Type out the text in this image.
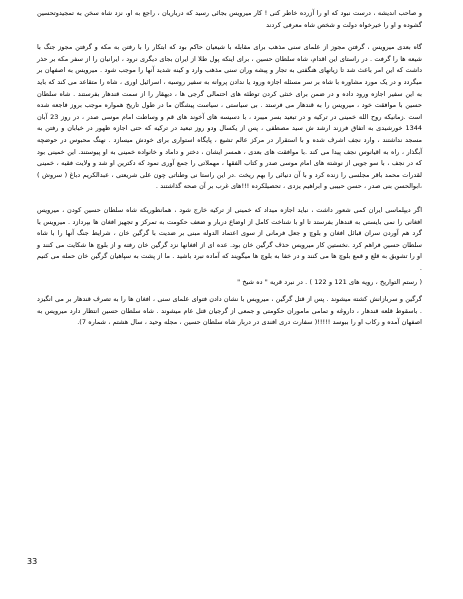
و صاحب اندیشه ، درست نبود که او را آزرده خاطر کنی ! کار میرویس بجائی رسید که درباریان ، راجع به او، نزد شاه سخن به تمجیدوتحسین گشوده و او را خیرخواه دولت و شخص شاه معرفی کردند

گاه بعدی میرویس ، گرفتن مجوز از علمای سنی مذهب برای مقابله با شیعیان حاکم بود که ابتکار را با رفتن به مکه و گرفتن مجوز جنگ با شیعه ها را گرفت . در راستای این اقدام، شاه سلطان حسین ، برای اینکه پول طلا از ایران بجای دیگری نرود ، ایرانیان را از سفر مکه بر حذر داشت که این امر باعث شد تا زیانهای هنگفتی به تجار و پیشه وران سنی مذهب وارد و کینه شدید آنها را موجب شود . میرویس به اصفهان بر میگردد و در یک مورد مشاوره با شاه بر سر مسئله اجازه ورود یا ندادن پروانه به سفیر روسیه ، اسرائیل اوری ، شاه را متقاعد می کند که باید به این سفیر اجازه ورود داده و در ضمن برای خنثی کردن توطئه های احتمالی گرجی ها ، دیهقار را از سمت قندهار بفرستند . شاه سلطان حسین با موافقت خود ، میرویس را به قندهار می فرستد . بی سیاستی ، سیاست پیشگان ما در طول تاریخ همواره موجب بروز فاجعه شده است .زمانیکه روح الله خمینی در ترکیه و در تبعید بسر میبرد ، با دسیسه های آخوند های قم و وساطت امام موسی صدر ، در روز 23 آبان 1344 خورشیدی به اتفاق فرزند ارشد ش سید مصطفی ، پس از یکسال ودو روز تبعید در ترکیه که حتی اجازه ظهور در خیابان و رفتن به مسجد نداشتند ، وارد نجف اشرف شده و با استقرار در مرکز عالم تشیع ، پایگاه استواری برای خودش میسازد . نهنگ محبوس در حوضچه آبگذار ، راه به اقیانوس نجف پیدا می کند .با موافقت های بعدی ، همسر ایشان ، دختر و داماد و خانواده خمینی به او پیوستند. این خمینی بود که در نجف ، با سو جویی از نوشته های امام موسی صدر و کتاب الفقها ، مهملاتی را جمع آوری نمود که دکترین او شد و ولایت فقیه ، خمینی لقدرات محمد باقر مجلسی را زنده کرد و با آن دنیائی را بهم ریخت .در این راستا نی وطناتی چون علی شریعتی ، عبدالکریم دباغ ( سروش ) ،ابوالحسن بنی صدر ، حسن حبیبی و ابراهیم یزدی ، تحصیلکرده !!!های غرب بر آن صحه گذاشتند .

اگر دیپلماسی ایران کمی شعور داشت ، نباید اجازه میداد که خمینی از ترکیه خارج شود ، همانطوریکه شاه سلطان حسین کودن ، میرویس افغانی را نمی بایستی به قندهار بفرستد تا او با شناخت کامل از اوضاع دربار و ضعف حکومت به تمرکز و تجهیز افغان ها بپردازد . میرویس با گرد هم آوردن سران قبائل افغان و بلوچ و جعل فرمانی از سوی اعتماد الدوله مبنی بر ضدیت با گرگین خان ، شرایط جنگ آنها را با شاه سلطان حسین فراهم کرد .نخستین کار میرویس حذف گرگین خان بود. عده ای از افغانها نزد گرگین خان رفته و از بلوچ ها شکایت می کنند و او را تشویق به قلع و قمع بلوچ ها می کنند و در خفا به بلوچ ها میگویند که آماده نبرد باشید . ما از پشت به سپاهیان گرگین خان حمله می کنیم .

( رستم التواریخ ، رویه های 121 و 122 ) . در نبرد قریه " ده شیخ "

گرگین و سربازانش کشته میشوند . پس از قتل گرگین ، میرویس با نشان دادن فتوای علمای سنی ، افغان ها را به تصرف قندهار بر می انگیزد . باسقوط قلعه قندهار ، داروغه و تمامی ماموران حکومتی و جمعی از گرجیان قتل عام میشوند . شاه سلطان حسین انتظار دارد میرویس به اصفهان آمده و رکاب او را ببوسد !!!!!( سفارت دری افندی در دربار شاه سلطان حسین ، مجله وحید ، سال هشتم ، شماره 7).

33
